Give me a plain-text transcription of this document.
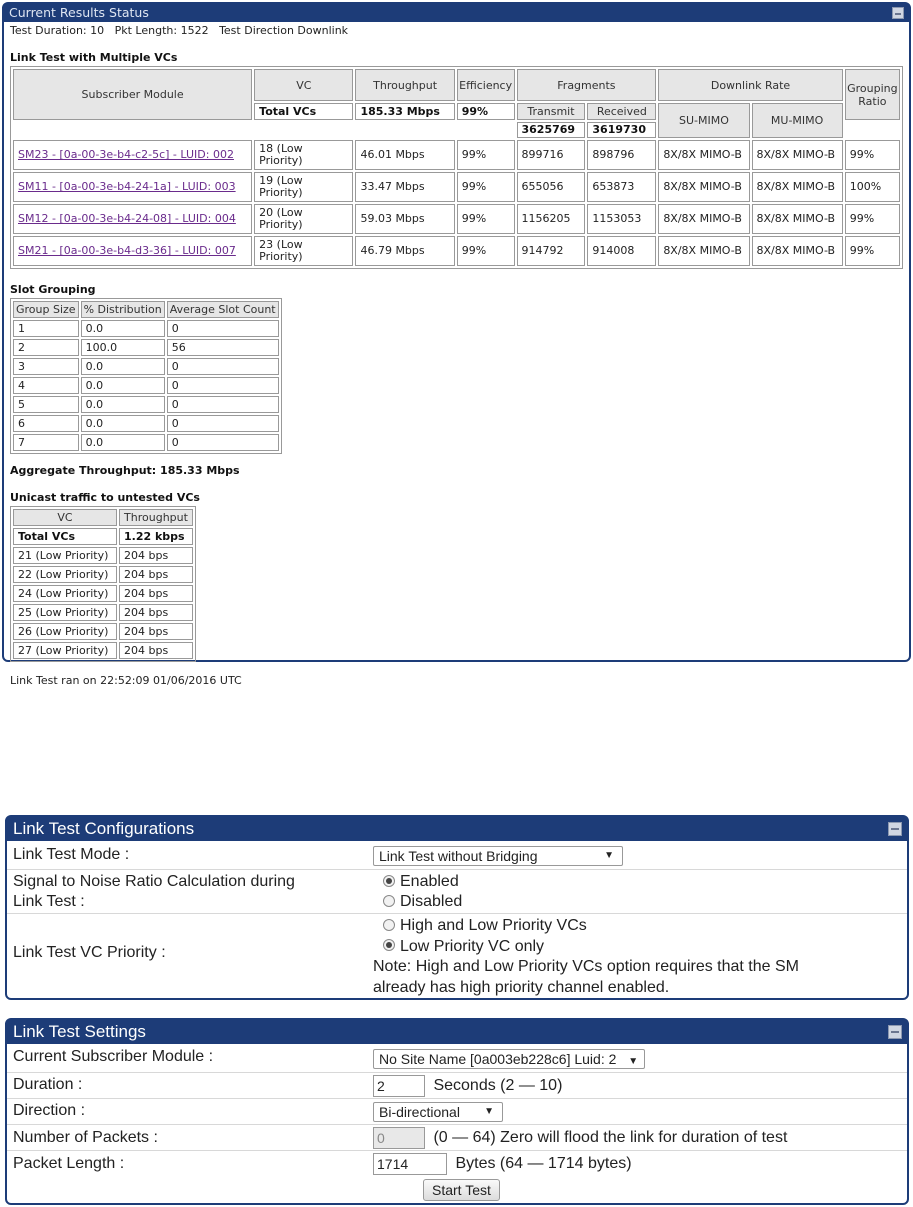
Current Results Status
Test Duration: 10   Pkt Length: 1522   Test Direction Downlink
Link Test with Multiple VCs
Subscriber Module	VC	Throughput	Efficiency	Fragments		Downlink Rate		Grouping Ratio
	Total VCs	185.33 Mbps	99%	Transmit	Received	SU-MIMO	MU-MIMO	
				3625769	3619730			
SM23 - [0a-00-3e-b4-c2-5c] - LUID: 002	18 (Low Priority)	46.01 Mbps	99%	899716	898796	8X/8X MIMO-B	8X/8X MIMO-B	99%
SM11 - [0a-00-3e-b4-24-1a] - LUID: 003	19 (Low Priority)	33.47 Mbps	99%	655056	653873	8X/8X MIMO-B	8X/8X MIMO-B	100%
SM12 - [0a-00-3e-b4-24-08] - LUID: 004	20 (Low Priority)	59.03 Mbps	99%	1156205	1153053	8X/8X MIMO-B	8X/8X MIMO-B	99%
SM21 - [0a-00-3e-b4-d3-36] - LUID: 007	23 (Low Priority)	46.79 Mbps	99%	914792	914008	8X/8X MIMO-B	8X/8X MIMO-B	99%
Slot Grouping
Group Size	% Distribution	Average Slot Count
1	0.0	0
2	100.0	56
3	0.0	0
4	0.0	0
5	0.0	0
6	0.0	0
7	0.0	0
Aggregate Throughput: 185.33 Mbps
Unicast traffic to untested VCs
VC	Throughput
Total VCs	1.22 kbps
21 (Low Priority)	204 bps
22 (Low Priority)	204 bps
24 (Low Priority)	204 bps
25 (Low Priority)	204 bps
26 (Low Priority)	204 bps
27 (Low Priority)	204 bps
Link Test ran on 22:52:09 01/06/2016 UTC
Link Test Configurations
Link Test Mode :	Link Test without Bridging	▼
Signal to Noise Ratio Calculation during
Link Test :
Enabled
Disabled
Link Test VC Priority :
High and Low Priority VCs
Low Priority VC only
Note: High and Low Priority VCs option requires that the SM
already has high priority channel enabled.
Link Test Settings
Current Subscriber Module :	No Site Name [0a003eb228c6] Luid: 2 ▼
Duration :	2	Seconds (2 — 10)
Direction :	Bi-directional ▼
Number of Packets :	0	(0 — 64) Zero will flood the link for duration of test
Packet Length :	1714	Bytes (64 — 1714 bytes)
Start Test
